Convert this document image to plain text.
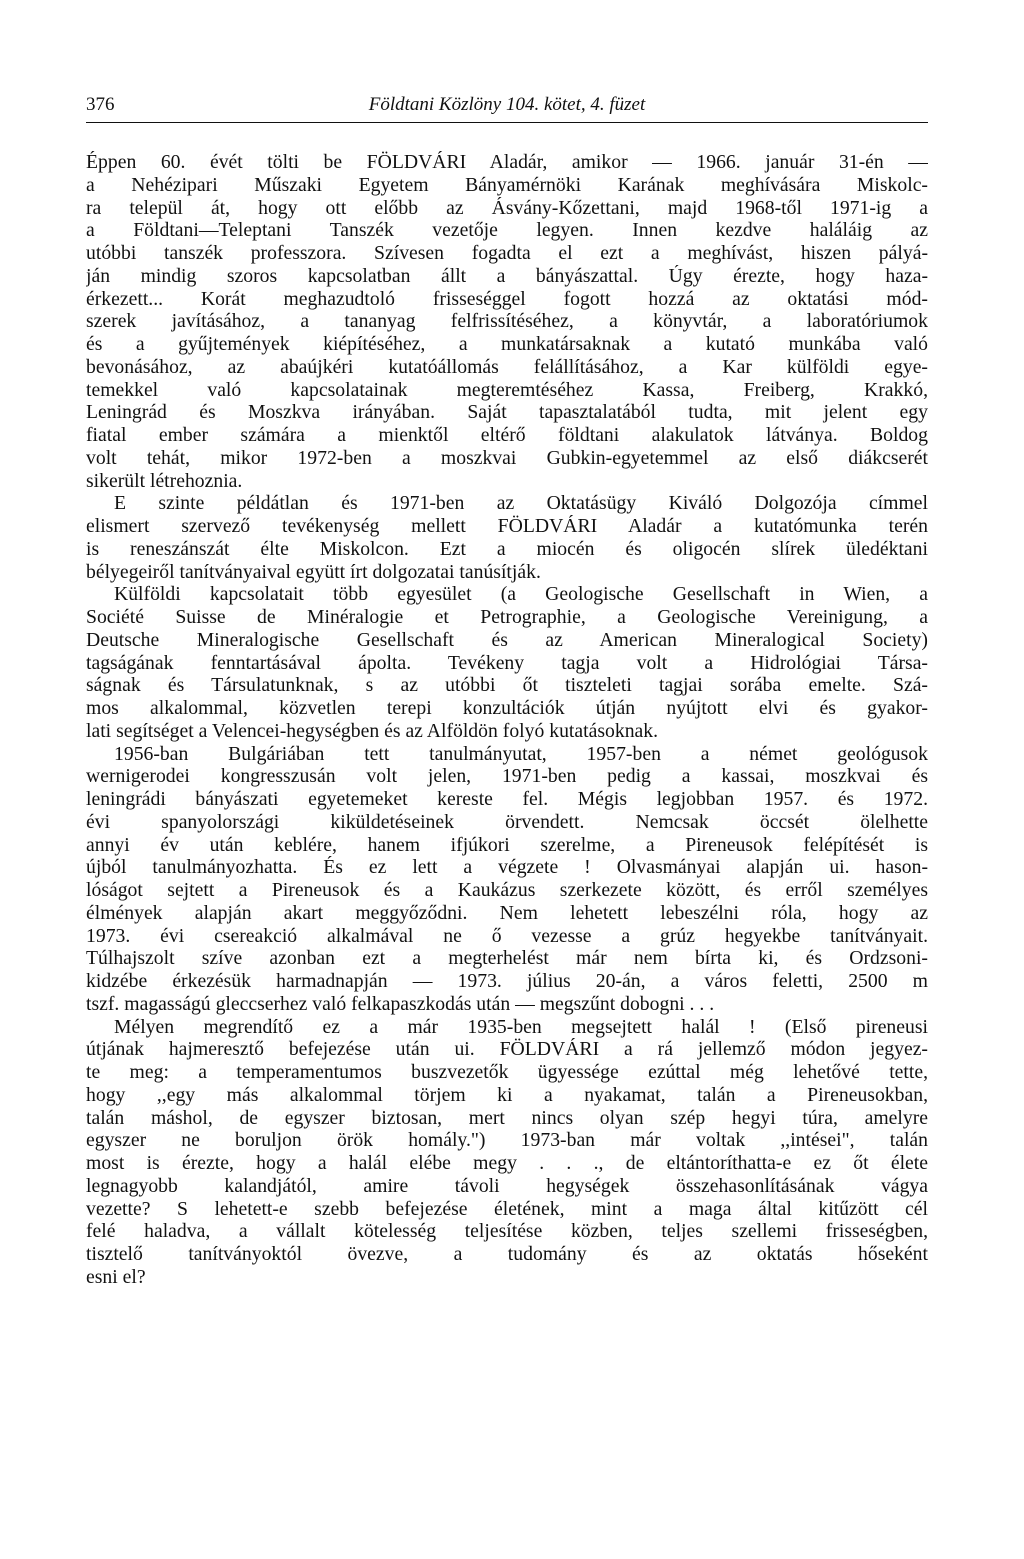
376	Földtani Közlöny 104. kötet, 4. füzet
Éppen 60. évét tölti be FÖLDVÁRI Aladár, amikor — 1966. január 31-én —
a Nehézipari Műszaki Egyetem Bányamérnöki Karának meghívására Miskolc-
ra települ át, hogy ott előbb az Ásvány-Kőzettani, majd 1968-től 1971-ig a
a Földtani—Teleptani Tanszék vezetője legyen. Innen kezdve haláláig az
utóbbi tanszék professzora. Szívesen fogadta el ezt a meghívást, hiszen pályá-
ján mindig szoros kapcsolatban állt a bányászattal. Úgy érezte, hogy haza-
érkezett... Korát meghazudtoló frisseséggel fogott hozzá az oktatási mód-
szerek javításához, a tananyag felfrissítéséhez, a könyvtár, a laboratóriumok
és a gyűjtemények kiépítéséhez, a munkatársaknak a kutató munkába való
bevonásához, az abaújkéri kutatóállomás felállításához, a Kar külföldi egye-
temekkel való kapcsolatainak megteremtéséhez Kassa, Freiberg, Krakkó,
Leningrád és Moszkva irányában. Saját tapasztalatából tudta, mit jelent egy
fiatal ember számára a mienktől eltérő földtani alakulatok látványa. Boldog
volt tehát, mikor 1972-ben a moszkvai Gubkin-egyetemmel az első diákcserét
sikerült létrehoznia.
E szinte példátlan és 1971-ben az Oktatásügy Kiváló Dolgozója címmel
elismert szervező tevékenység mellett FÖLDVÁRI Aladár a kutatómunka terén
is reneszánszát élte Miskolcon. Ezt a miocén és oligocén slírek üledéktani
bélyegeiről tanítványaival együtt írt dolgozatai tanúsítják.
Külföldi kapcsolatait több egyesület (a Geologische Gesellschaft in Wien, a
Société Suisse de Minéralogie et Petrographie, a Geologische Vereinigung, a
Deutsche Mineralogische Gesellschaft és az American Mineralogical Society)
tagságának fenntartásával ápolta. Tevékeny tagja volt a Hidrológiai Társa-
ságnak és Társulatunknak, s az utóbbi őt tiszteleti tagjai sorába emelte. Szá-
mos alkalommal, közvetlen terepi konzultációk útján nyújtott elvi és gyakor-
lati segítséget a Velencei-hegységben és az Alföldön folyó kutatásoknak.
1956-ban Bulgáriában tett tanulmányutat, 1957-ben a német geológusok
wernigerodei kongresszusán volt jelen, 1971-ben pedig a kassai, moszkvai és
leningrádi bányászati egyetemeket kereste fel. Mégis legjobban 1957. és 1972.
évi spanyolországi kiküldetéseinek örvendett. Nemcsak öccsét ölelhette
annyi év után keblére, hanem ifjúkori szerelme, a Pireneusok felépítését is
újból tanulmányozhatta. És ez lett a végzete ! Olvasmányai alapján ui. hason-
lóságot sejtett a Pireneusok és a Kaukázus szerkezete között, és erről személyes
élmények alapján akart meggyőződni. Nem lehetett lebeszélni róla, hogy az
1973. évi csereakció alkalmával ne ő vezesse a grúz hegyekbe tanítványait.
Túlhajszolt szíve azonban ezt a megterhelést már nem bírta ki, és Ordzsoni-
kidzébe érkezésük harmadnapján — 1973. július 20-án, a város feletti, 2500 m
tszf. magasságú gleccserhez való felkapaszkodás után — megszűnt dobogni . . .
Mélyen megrendítő ez a már 1935-ben megsejtett halál ! (Első pireneusi
útjának hajmeresztő befejezése után ui. FÖLDVÁRI a rá jellemző módon jegyez-
te meg: a temperamentumos buszvezetők ügyessége ezúttal még lehetővé tette,
hogy ,,egy más alkalommal törjem ki a nyakamat, talán a Pireneusokban,
talán máshol, de egyszer biztosan, mert nincs olyan szép hegyi túra, amelyre
egyszer ne boruljon örök homály.") 1973-ban már voltak ,,intései", talán
most is érezte, hogy a halál elébe megy . . ., de eltántoríthatta-e ez őt élete
legnagyobb kalandjától, amire távoli hegységek összehasonlításának vágya
vezette? S lehetett-e szebb befejezése életének, mint a maga által kitűzött cél
felé haladva, a vállalt kötelesség teljesítése közben, teljes szellemi frisseségben,
tisztelő tanítványoktól övezve, a tudomány és az oktatás hőseként
esni el?
